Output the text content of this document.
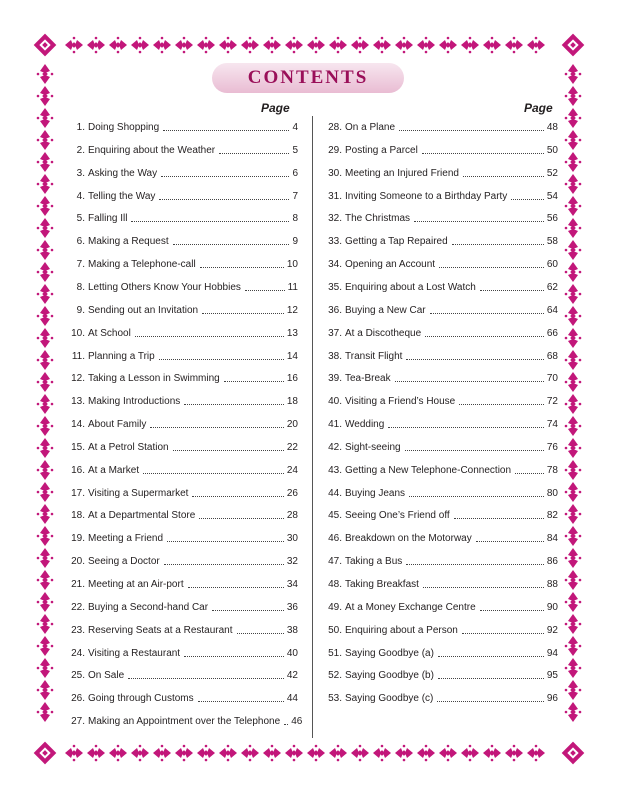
CONTENTS
Page	Page
1. Doing Shopping	4
2. Enquiring about the Weather	5
3. Asking the Way	6
4. Telling the Way	7
5. Falling Ill	8
6. Making a Request	9
7. Making a Telephone-call	10
8. Letting Others Know Your Hobbies	11
9. Sending out an Invitation	12
10. At School	13
11. Planning a Trip	14
12. Taking a Lesson in Swimming	16
13. Making Introductions	18
14. About Family	20
15. At a Petrol Station	22
16. At a Market	24
17. Visiting a Supermarket	26
18. At a Departmental Store	28
19. Meeting a Friend	30
20. Seeing a Doctor	32
21. Meeting at an Air-port	34
22. Buying a Second-hand Car	36
23. Reserving Seats at a Restaurant	38
24. Visiting a Restaurant	40
25. On Sale	42
26. Going through Customs	44
27. Making an Appointment over the Telephone 46
28. On a Plane	48
29. Posting a Parcel	50
30. Meeting an Injured Friend	52
31. Inviting Someone to a Birthday Party	54
32. The Christmas	56
33. Getting a Tap Repaired	58
34. Opening an Account	60
35. Enquiring about a Lost Watch	62
36. Buying a New Car	64
37. At a Discotheque	66
38. Transit Flight	68
39. Tea-Break	70
40. Visiting a Friend’s House	72
41. Wedding	74
42. Sight-seeing	76
43. Getting a New Telephone-Connection	78
44. Buying Jeans	80
45. Seeing One’s Friend off	82
46. Breakdown on the Motorway	84
47. Taking a Bus	86
48. Taking Breakfast	88
49. At a Money Exchange Centre	90
50. Enquiring about a Person	92
51. Saying Goodbye (a)	94
52. Saying Goodbye (b)	95
53. Saying Goodbye (c)	96
